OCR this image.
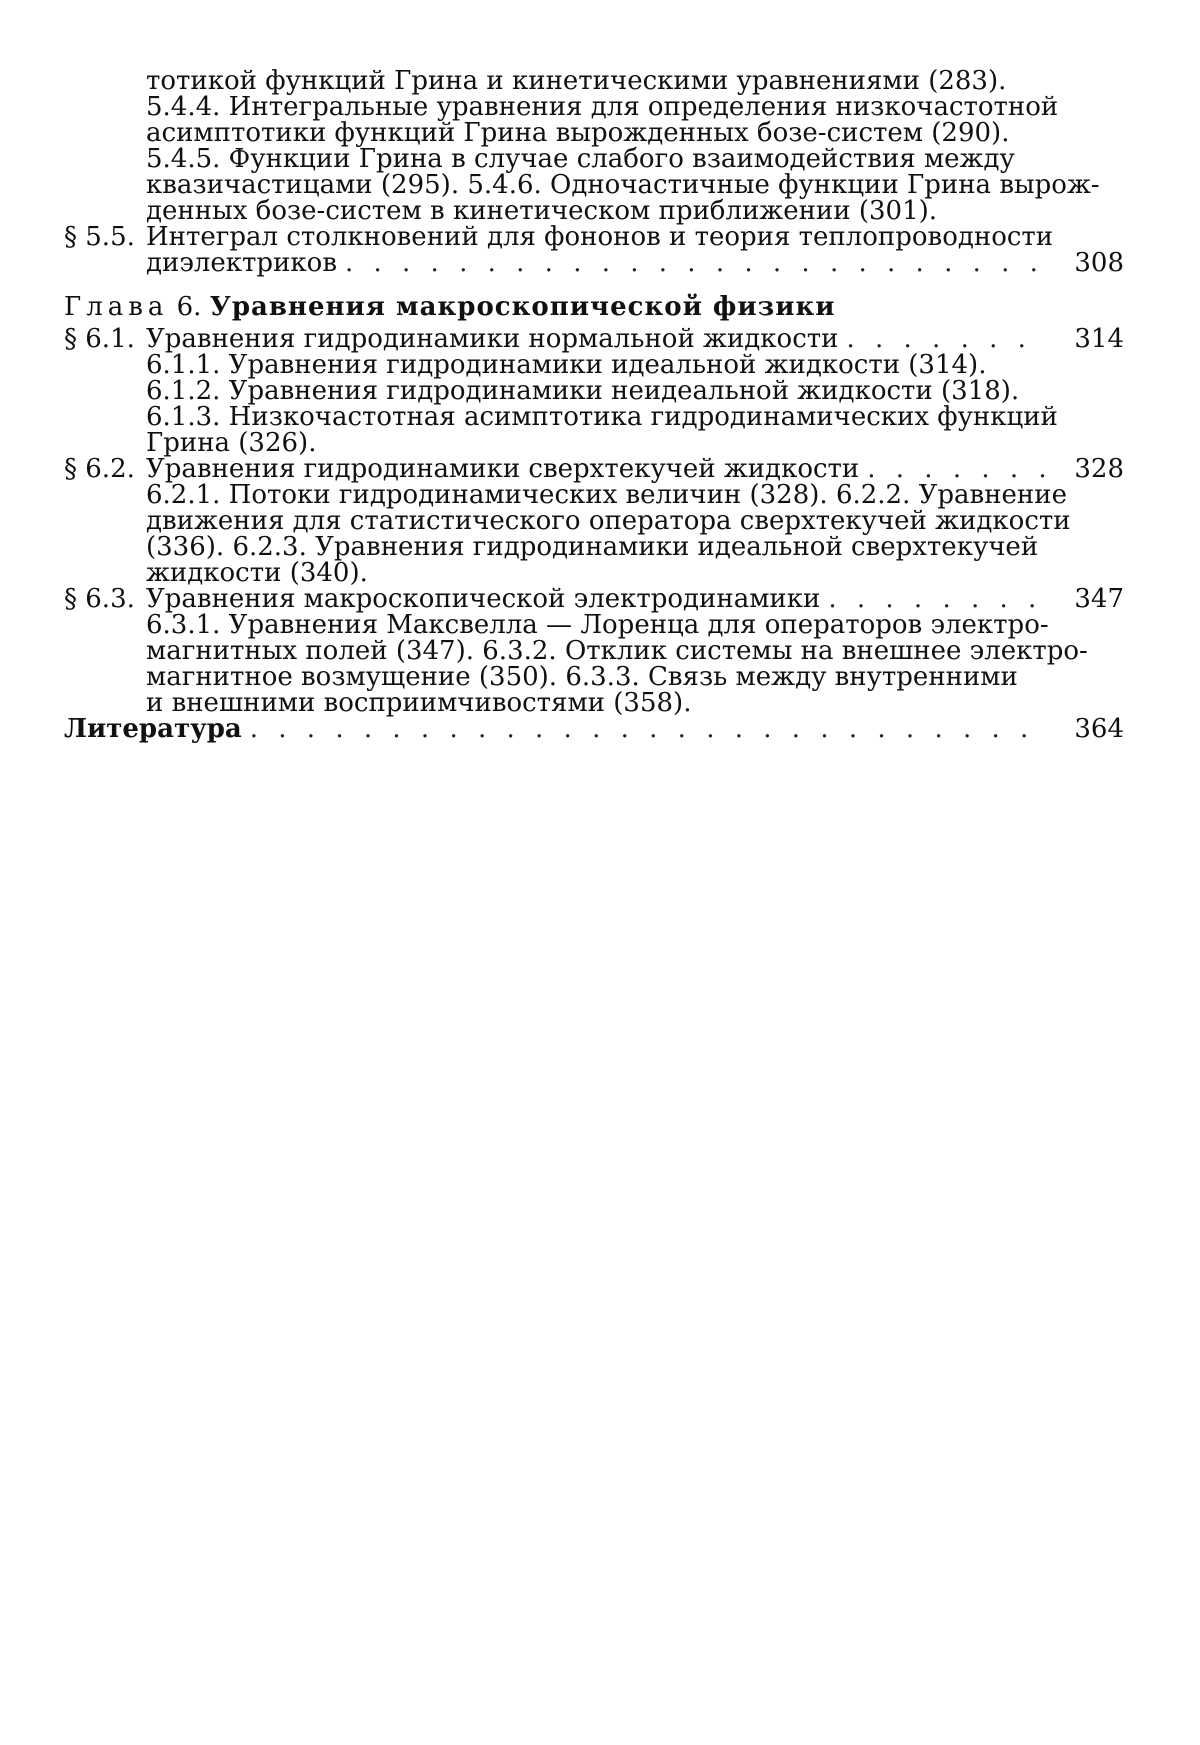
тотикой функций Грина и кинетическими уравнениями (283).
5.4.4. Интегральные уравнения для определения низкочастотной
асимптотики функций Грина вырожденных бозе-систем (290).
5.4.5. Функции Грина в случае слабого взаимодействия между
квазичастицами (295). 5.4.6. Одночастичные функции Грина вырож-
денных бозе-систем в кинетическом приближении (301).
§ 5.5. Интеграл столкновений для фононов и теория теплопроводности
диэлектриков . . .	308
Глава 6. Уравнения макроскопической физики
§ 6.1. Уравнения гидродинамики нормальной жидкости . . .	314
6.1.1. Уравнения гидродинамики идеальной жидкости (314).
6.1.2. Уравнения гидродинамики неидеальной жидкости (318).
6.1.3. Низкочастотная асимптотика гидродинамических функций
Грина (326).
§ 6.2. Уравнения гидродинамики сверхтекучей жидкости . . .	328
6.2.1. Потоки гидродинамических величин (328). 6.2.2. Уравнение
движения для статистического оператора сверхтекучей жидкости
(336). 6.2.3. Уравнения гидродинамики идеальной сверхтекучей
жидкости (340).
§ 6.3. Уравнения макроскопической электродинамики . . .	347
6.3.1. Уравнения Максвелла — Лоренца для операторов электро-
магнитных полей (347). 6.3.2. Отклик системы на внешнее электро-
магнитное возмущение (350). 6.3.3. Связь между внутренними
и внешними восприимчивостями (358).
Литература . . .	364
